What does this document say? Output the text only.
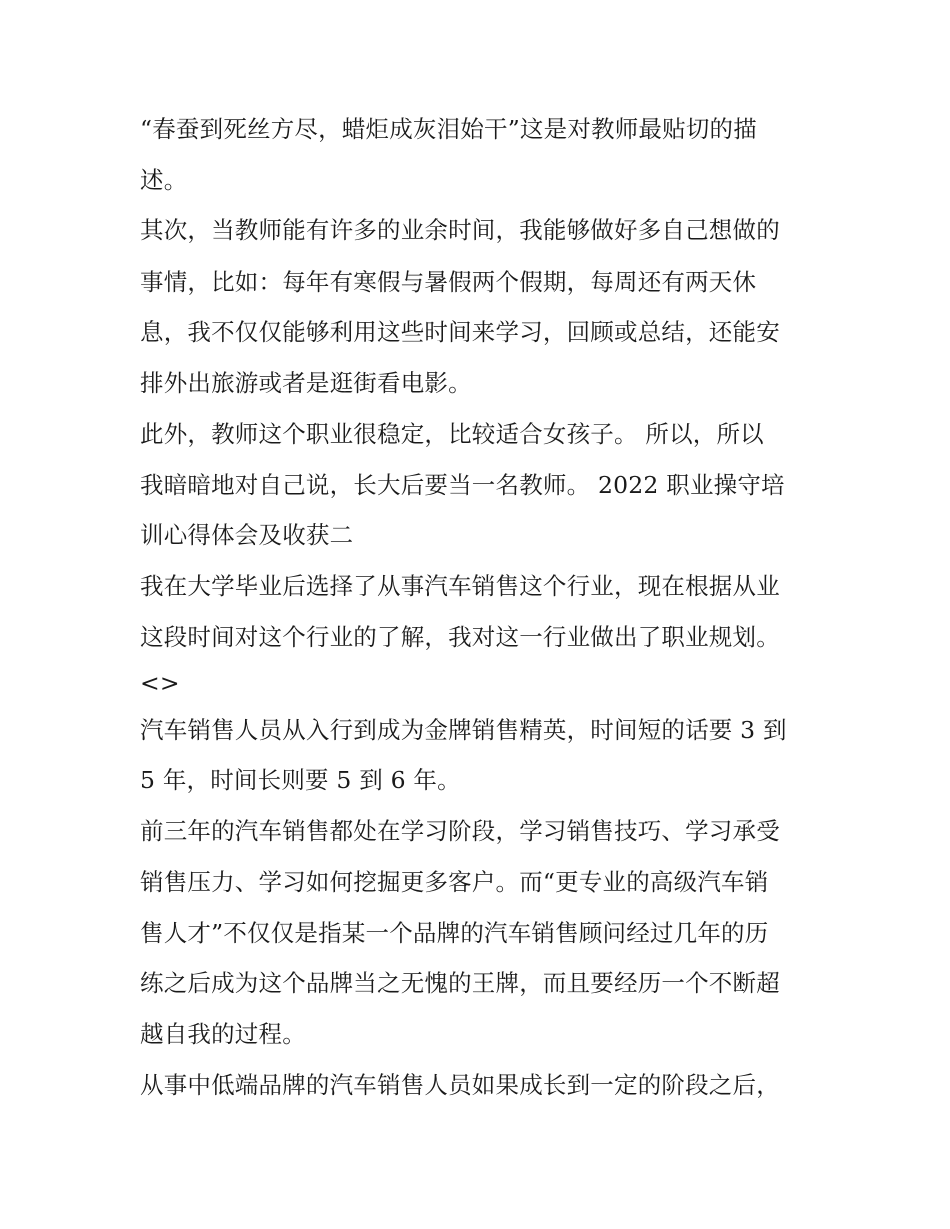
“春蚕到死丝方尽，蜡炬成灰泪始干”这是对教师最贴切的描

述。

其次，当教师能有许多的业余时间，我能够做好多自己想做的

事情，比如：每年有寒假与暑假两个假期，每周还有两天休

息，我不仅仅能够利用这些时间来学习，回顾或总结，还能安

排外出旅游或者是逛街看电影。

此外，教师这个职业很稳定，比较适合女孩子。 所以，所以

我暗暗地对自己说，长大后要当一名教师。 2022 职业操守培

训心得体会及收获二

我在大学毕业后选择了从事汽车销售这个行业，现在根据从业

这段时间对这个行业的了解，我对这一行业做出了职业规划。

<>

汽车销售人员从入行到成为金牌销售精英，时间短的话要 3 到

5 年，时间长则要 5 到 6 年。

前三年的汽车销售都处在学习阶段，学习销售技巧、学习承受

销售压力、学习如何挖掘更多客户。而“更专业的高级汽车销

售人才”不仅仅是指某一个品牌的汽车销售顾问经过几年的历

练之后成为这个品牌当之无愧的王牌，而且要经历一个不断超

越自我的过程。

从事中低端品牌的汽车销售人员如果成长到一定的阶段之后，
